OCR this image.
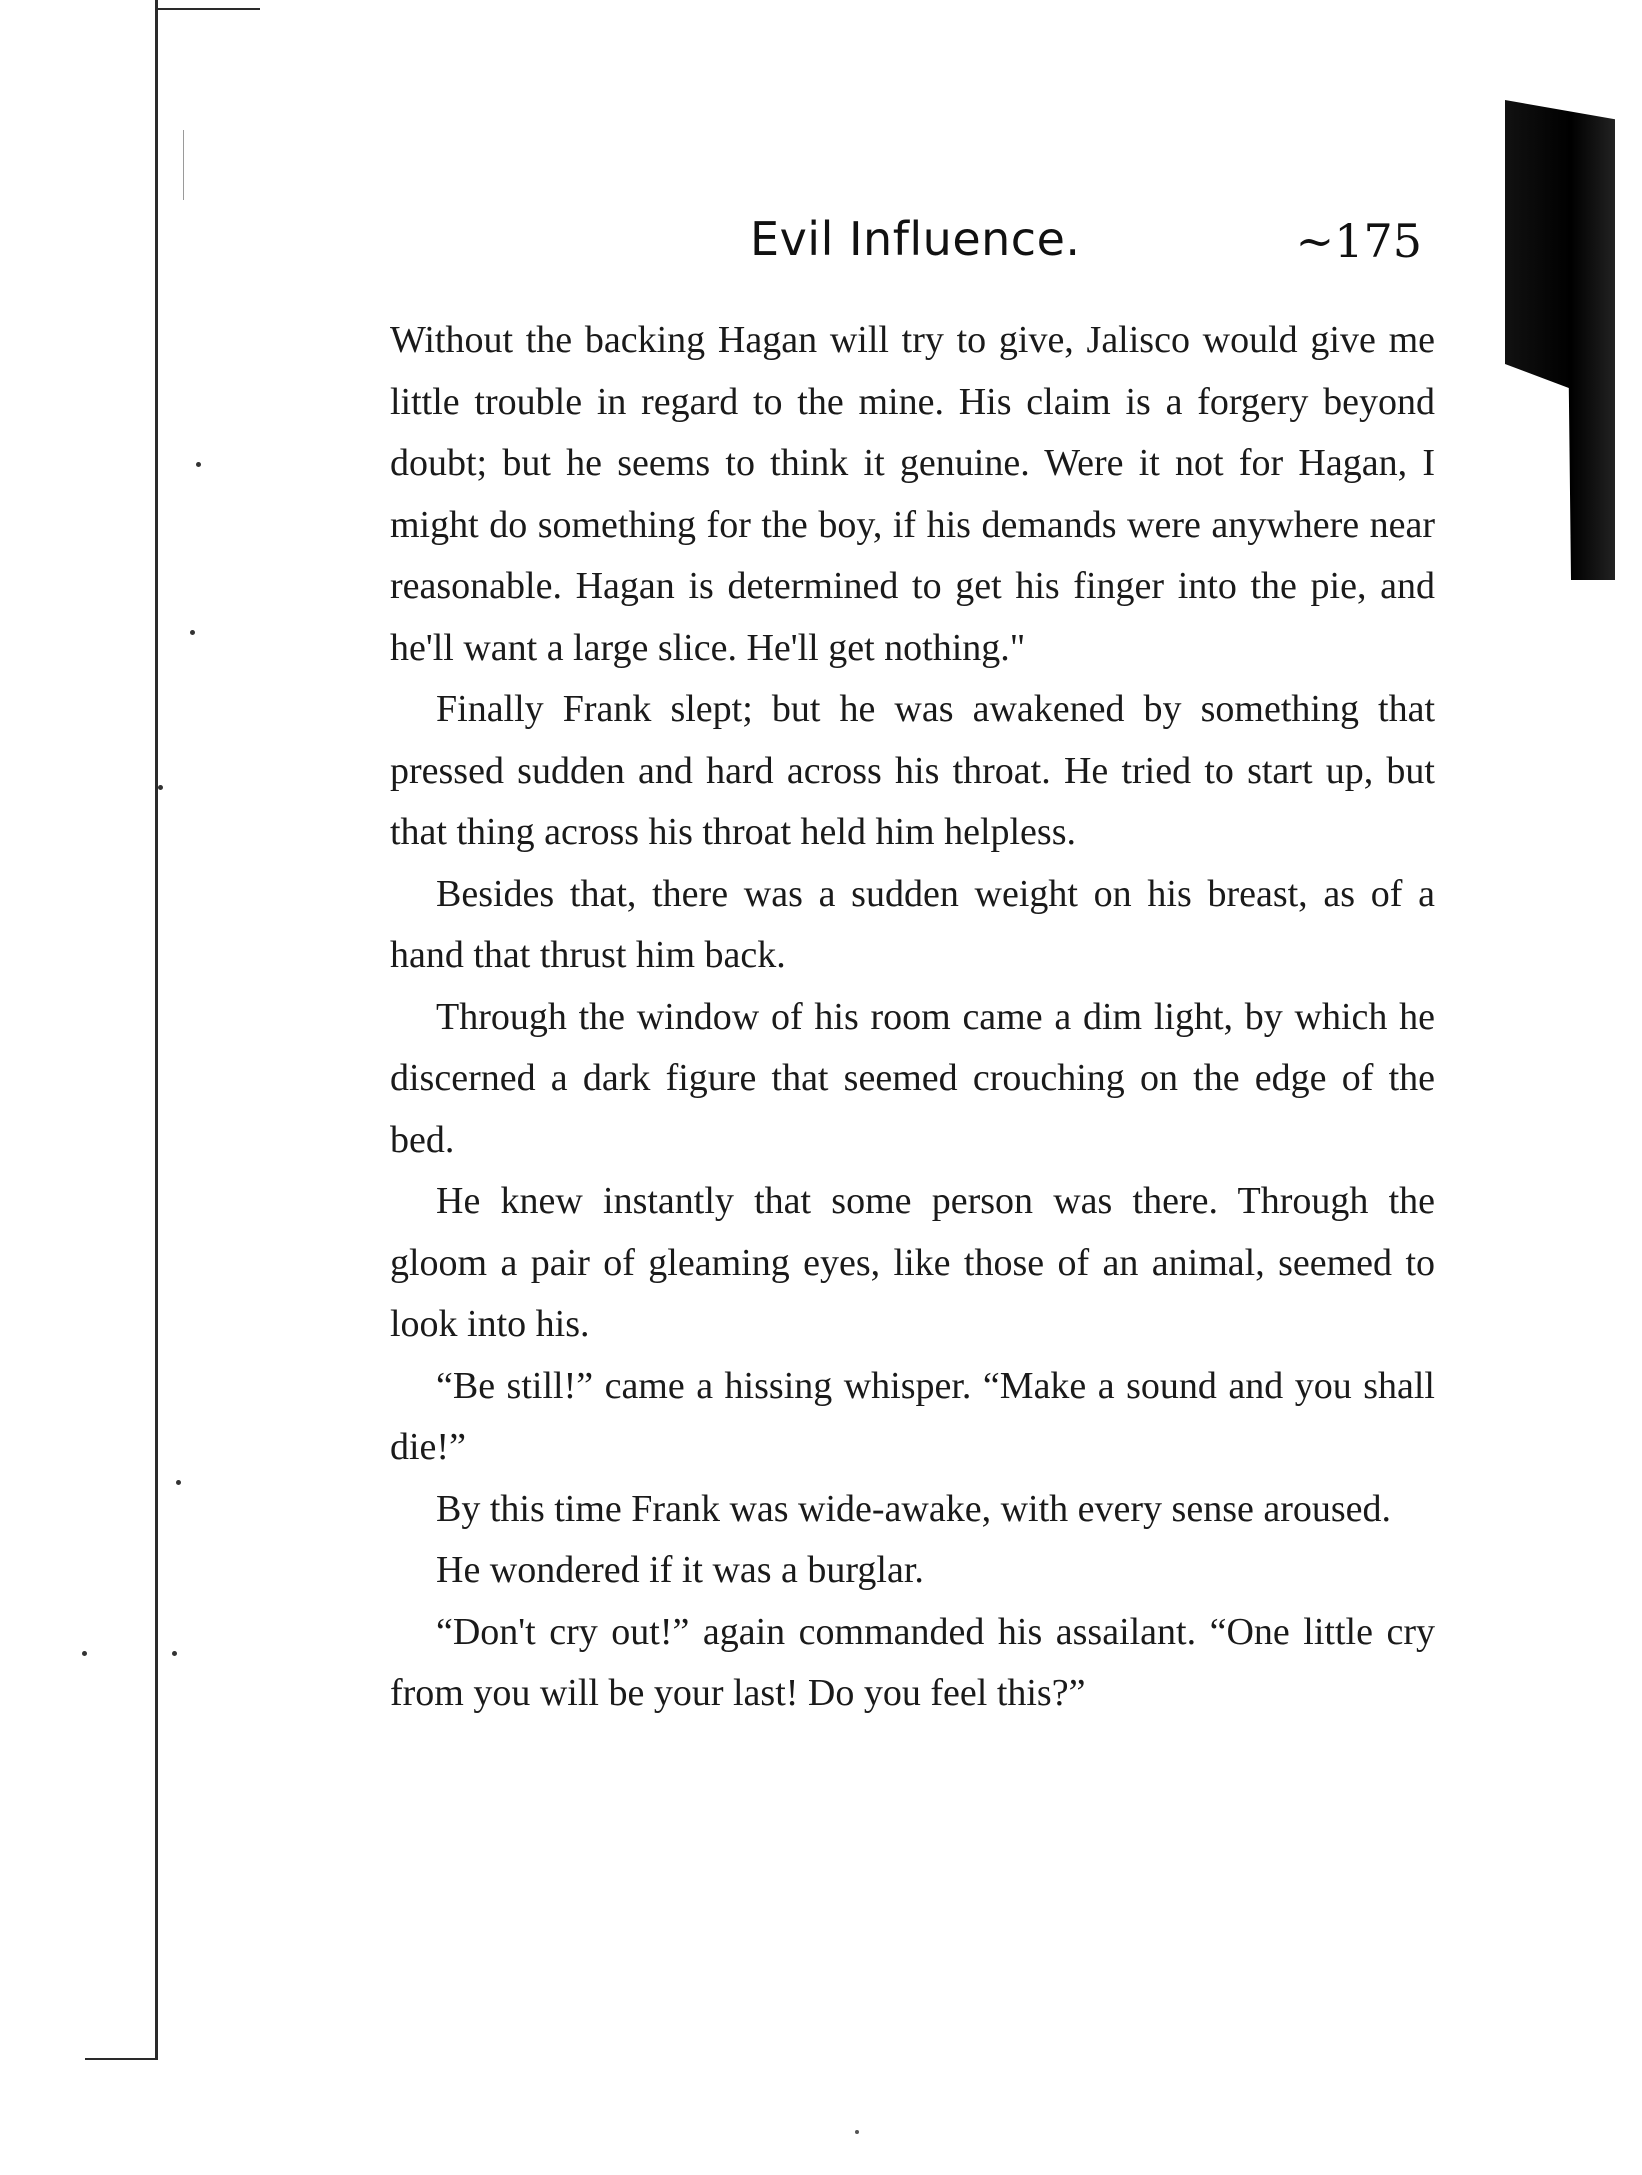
Evil Influence.	~175

Without the backing Hagan will try to give, Jalisco would give me little trouble in regard to the mine. His claim is a forgery beyond doubt; but he seems to think it genuine. Were it not for Hagan, I might do something for the boy, if his demands were anywhere near reasonable. Hagan is determined to get his finger into the pie, and he'll want a large slice. He'll get nothing."

Finally Frank slept; but he was awakened by something that pressed sudden and hard across his throat. He tried to start up, but that thing across his throat held him helpless.

Besides that, there was a sudden weight on his breast, as of a hand that thrust him back.

Through the window of his room came a dim light, by which he discerned a dark figure that seemed crouching on the edge of the bed.

He knew instantly that some person was there. Through the gloom a pair of gleaming eyes, like those of an animal, seemed to look into his.

“Be still!” came a hissing whisper. “Make a sound and you shall die!”

By this time Frank was wide-awake, with every sense aroused.

He wondered if it was a burglar.

“Don't cry out!” again commanded his assailant. “One little cry from you will be your last! Do you feel this?”
